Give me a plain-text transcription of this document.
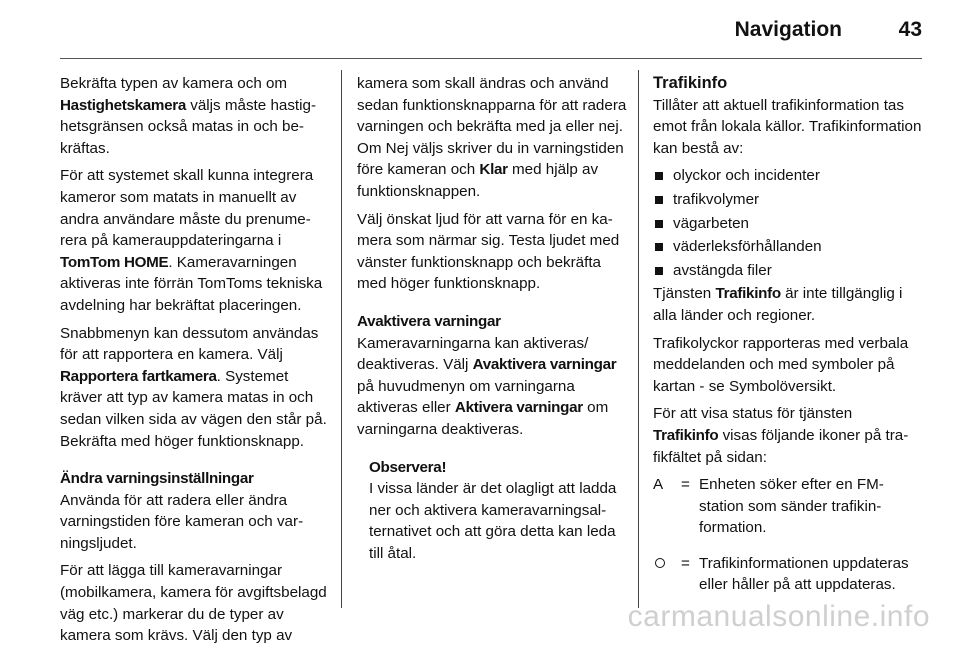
Navigation	43

Bekräfta typen av kamera och om
Hastighetskamera väljs måste hastighetsgränsen också matas in och bekräftas.

För att systemet skall kunna integrera kameror som matats in manuellt av andra användare måste du prenumerera på kamerauppdateringarna i TomTom HOME. Kameravarningen aktiveras inte förrän TomToms tekniska avdelning har bekräftat placeringen.

Snabbmenyn kan dessutom användas för att rapportera en kamera. Välj Rapportera fartkamera. Systemet kräver att typ av kamera matas in och sedan vilken sida av vägen den står på. Bekräfta med höger funktionsknapp.

Ändra varningsinställningar

Använda för att radera eller ändra varningstiden före kameran och varningsljudet.

För att lägga till kameravarningar (mobilkamera, kamera för avgiftsbelagd väg etc.) markerar du de typer av kamera som krävs. Välj den typ av

kamera som skall ändras och använd sedan funktionsknapparna för att radera varningen och bekräfta med ja eller nej. Om Nej väljs skriver du in varningstiden före kameran och Klar med hjälp av funktionsknappen.

Välj önskat ljud för att varna för en kamera som närmar sig. Testa ljudet med vänster funktionsknapp och bekräfta med höger funktionsknapp.

Avaktivera varningar

Kameravarningarna kan aktiveras/ deaktiveras. Välj Avaktivera varningar på huvudmenyn om varningarna aktiveras eller Aktivera varningar om varningarna deaktiveras.

Observera!
I vissa länder är det olagligt att ladda ner och aktivera kameravarningsalternativet och att göra detta kan leda till åtal.
Trafikinfo

Tillåter att aktuell trafikinformation tas emot från lokala källor. Trafikinformation kan bestå av:

olyckor och incidenter
trafikvolymer
vägarbeten
väderleksförhållanden
avstängda filer

Tjänsten Trafikinfo är inte tillgänglig i alla länder och regioner.

Trafikolyckor rapporteras med verbala meddelanden och med symboler på kartan - se Symbolöversikt.

För att visa status för tjänsten
Trafikinfo visas följande ikoner på trafikfältet på sidan:

A	= Enheten söker efter en FM-station som sänder trafikinformation.
= Trafikinformationen uppdateras eller håller på att uppdateras.
carmanualsonline.info
